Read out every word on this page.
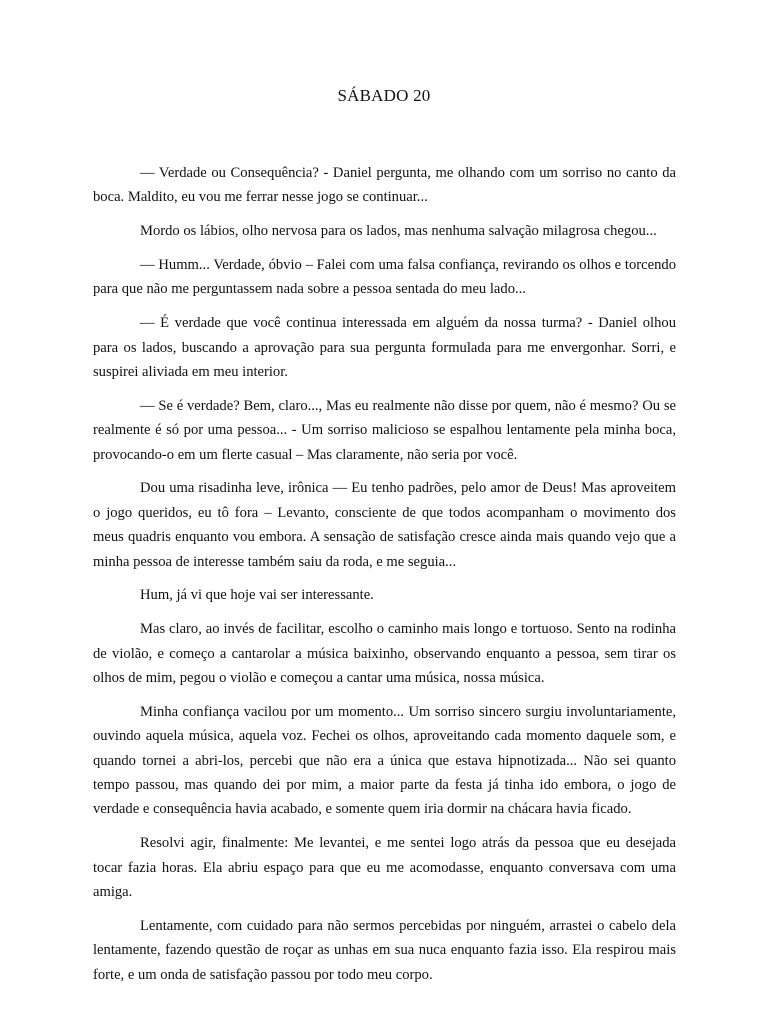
SÁBADO 20

— Verdade ou Consequência? - Daniel pergunta, me olhando com um sorriso no canto da boca. Maldito, eu vou me ferrar nesse jogo se continuar...

Mordo os lábios, olho nervosa para os lados, mas nenhuma salvação milagrosa chegou...

— Humm... Verdade, óbvio – Falei com uma falsa confiança, revirando os olhos e torcendo para que não me perguntassem nada sobre a pessoa sentada do meu lado...

— É verdade que você continua interessada em alguém da nossa turma? - Daniel olhou para os lados, buscando a aprovação para sua pergunta formulada para me envergonhar. Sorri, e suspirei aliviada em meu interior.

— Se é verdade? Bem, claro..., Mas eu realmente não disse por quem, não é mesmo? Ou se realmente é só por uma pessoa... - Um sorriso malicioso se espalhou lentamente pela minha boca, provocando-o em um flerte casual – Mas claramente, não seria por você.

Dou uma risadinha leve, irônica — Eu tenho padrões, pelo amor de Deus! Mas aproveitem o jogo queridos, eu tô fora – Levanto, consciente de que todos acompanham o movimento dos meus quadris enquanto vou embora. A sensação de satisfação cresce ainda mais quando vejo que a minha pessoa de interesse também saiu da roda, e me seguia...

Hum, já vi que hoje vai ser interessante.

Mas claro, ao invés de facilitar, escolho o caminho mais longo e tortuoso. Sento na rodinha de violão, e começo a cantarolar a música baixinho, observando enquanto a pessoa, sem tirar os olhos de mim, pegou o violão e começou a cantar uma música, nossa música.

Minha confiança vacilou por um momento... Um sorriso sincero surgiu involuntariamente, ouvindo aquela música, aquela voz. Fechei os olhos, aproveitando cada momento daquele som, e quando tornei a abri-los, percebi que não era a única que estava hipnotizada... Não sei quanto tempo passou, mas quando dei por mim, a maior parte da festa já tinha ido embora, o jogo de verdade e consequência havia acabado, e somente quem iria dormir na chácara havia ficado.

Resolvi agir, finalmente: Me levantei, e me sentei logo atrás da pessoa que eu desejada tocar fazia horas. Ela abriu espaço para que eu me acomodasse, enquanto conversava com uma amiga.

Lentamente, com cuidado para não sermos percebidas por ninguém, arrastei o cabelo dela lentamente, fazendo questão de roçar as unhas em sua nuca enquanto fazia isso. Ela respirou mais forte, e um onda de satisfação passou por todo meu corpo.
